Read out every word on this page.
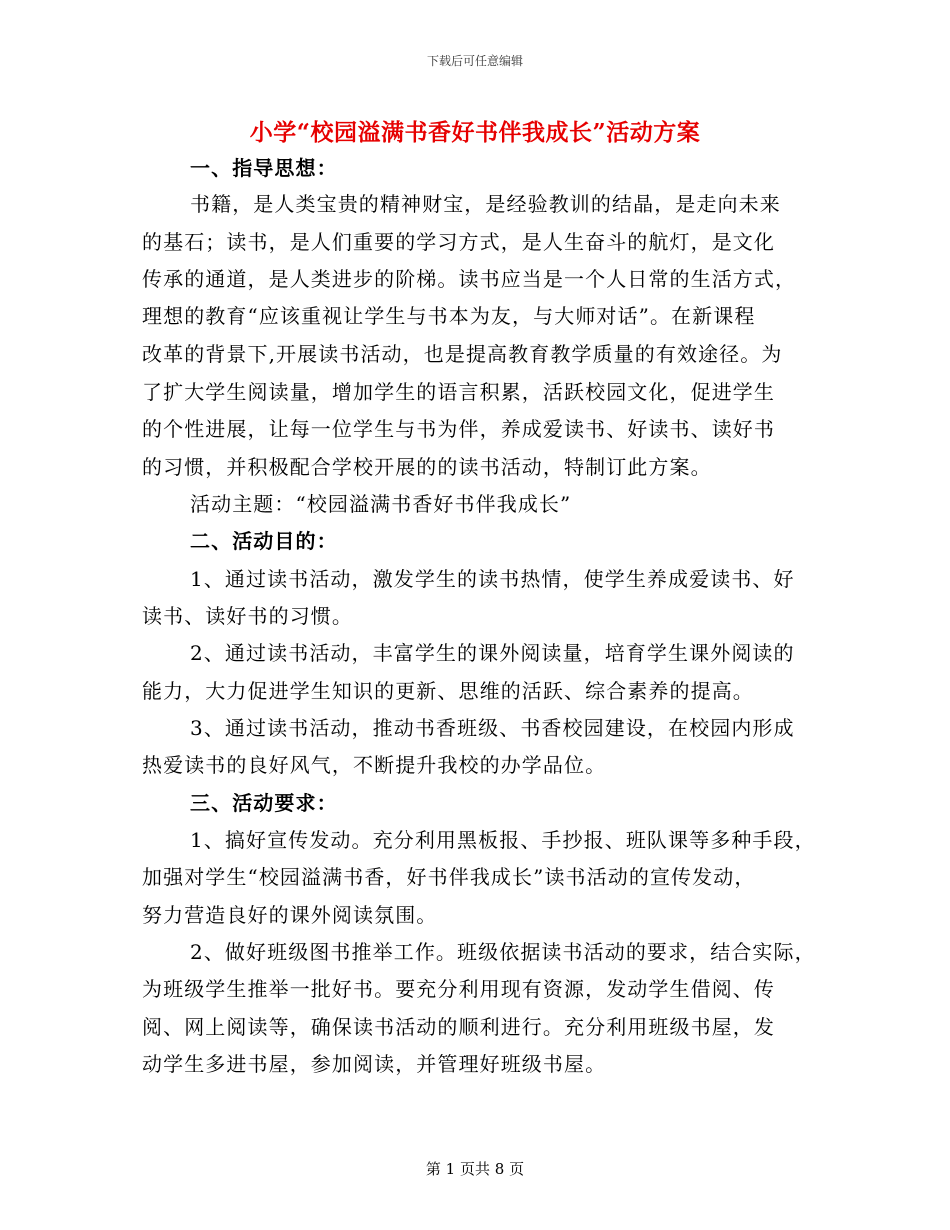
下载后可任意编辑
小学“校园溢满书香好书伴我成长”活动方案
一、指导思想：
书籍，是人类宝贵的精神财宝，是经验教训的结晶，是走向未来
的基石；读书，是人们重要的学习方式，是人生奋斗的航灯，是文化
传承的通道，是人类进步的阶梯。读书应当是一个人日常的生活方式，
理想的教育“应该重视让学生与书本为友，与大师对话”。在新课程
改革的背景下,开展读书活动，也是提高教育教学质量的有效途径。为
了扩大学生阅读量，增加学生的语言积累，活跃校园文化，促进学生
的个性进展，让每一位学生与书为伴，养成爱读书、好读书、读好书
的习惯，并积极配合学校开展的的读书活动，特制订此方案。
活动主题：“校园溢满书香好书伴我成长”
二、活动目的：
1、通过读书活动，激发学生的读书热情，使学生养成爱读书、好
读书、读好书的习惯。
2、通过读书活动，丰富学生的课外阅读量，培育学生课外阅读的
能力，大力促进学生知识的更新、思维的活跃、综合素养的提高。
3、通过读书活动，推动书香班级、书香校园建设，在校园内形成
热爱读书的良好风气，不断提升我校的办学品位。
三、活动要求：
1、搞好宣传发动。充分利用黑板报、手抄报、班队课等多种手段，
加强对学生“校园溢满书香，好书伴我成长”读书活动的宣传发动，
努力营造良好的课外阅读氛围。
2、做好班级图书推举工作。班级依据读书活动的要求，结合实际，
为班级学生推举一批好书。要充分利用现有资源，发动学生借阅、传
阅、网上阅读等，确保读书活动的顺利进行。充分利用班级书屋，发
动学生多进书屋，参加阅读，并管理好班级书屋。
第 1 页共 8 页
